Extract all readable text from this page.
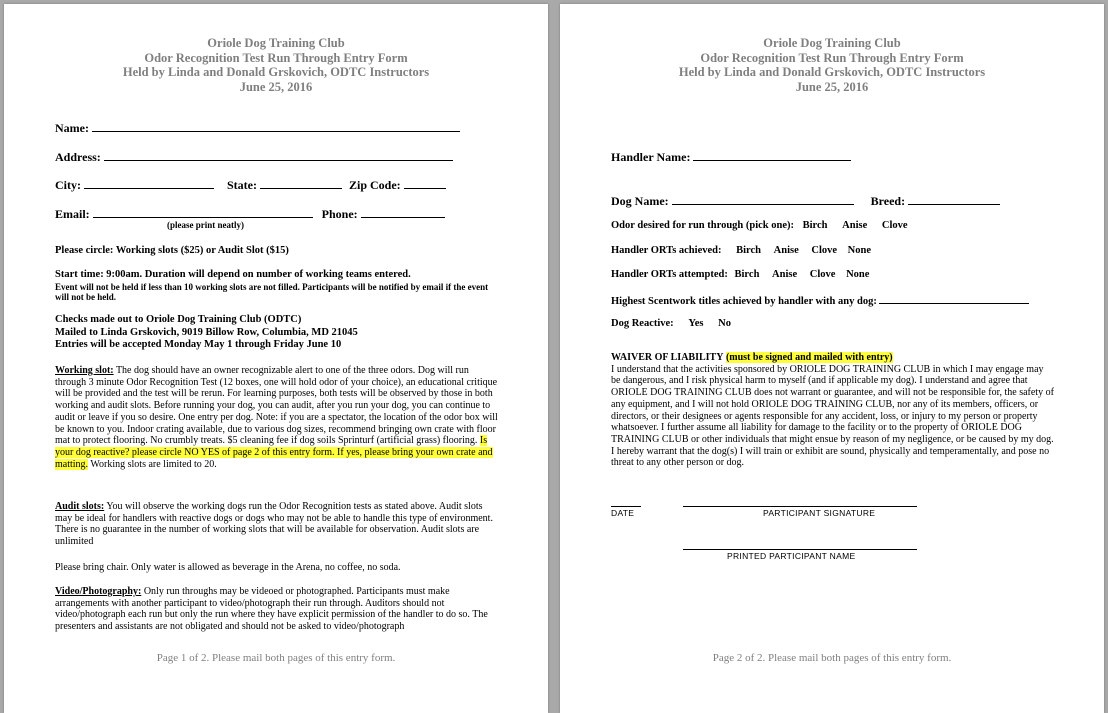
Oriole Dog Training Club
Odor Recognition Test Run Through Entry Form
Held by Linda and Donald Grskovich, ODTC Instructors
June 25, 2016
Name:
Address:
City:	State:	Zip Code:
Email:	Phone:
(please print neatly)
Please circle: Working slots ($25) or Audit Slot ($15)
Start time: 9:00am. Duration will depend on number of working teams entered.
Event will not be held if less than 10 working slots are not filled. Participants will be notified by email if the event
will not be held.
Checks made out to Oriole Dog Training Club (ODTC)
Mailed to Linda Grskovich, 9019 Billow Row, Columbia, MD 21045
Entries will be accepted Monday May 1 through Friday June 10
Working slot: The dog should have an owner recognizable alert to one of the three odors. Dog will run through 3 minute Odor Recognition Test (12 boxes, one will hold odor of your choice), an educational critique will be provided and the test will be rerun. For learning purposes, both tests will be observed by those in both working and audit slots. Before running your dog, you can audit, after you run your dog, you can continue to audit or leave if you so desire. One entry per dog. Note: if you are a spectator, the location of the odor box will be known to you. Indoor crating available, due to various dog sizes, recommend bringing own crate with floor mat to protect flooring. No crumbly treats. $5 cleaning fee if dog soils Sprinturf (artificial grass) flooring. Is your dog reactive? please circle NO YES of page 2 of this entry form. If yes, please bring your own crate and matting. Working slots are limited to 20.
Audit slots: You will observe the working dogs run the Odor Recognition tests as stated above. Audit slots may be ideal for handlers with reactive dogs or dogs who may not be able to handle this type of environment. There is no guarantee in the number of working slots that will be available for observation. Audit slots are unlimited
Please bring chair. Only water is allowed as beverage in the Arena, no coffee, no soda.
Video/Photography: Only run throughs may be videoed or photographed. Participants must make arrangements with another participant to video/photograph their run through. Auditors should not video/photograph each run but only the run where they have explicit permission of the handler to do so. The presenters and assistants are not obligated and should not be asked to video/photograph
Page 1 of 2. Please mail both pages of this entry form.
Oriole Dog Training Club
Odor Recognition Test Run Through Entry Form
Held by Linda and Donald Grskovich, ODTC Instructors
June 25, 2016
Handler Name:
Dog Name:	Breed:
Odor desired for run through (pick one): Birch Anise Clove
Handler ORTs achieved: Birch Anise Clove None
Handler ORTs attempted: Birch Anise Clove None
Highest Scentwork titles achieved by handler with any dog:
Dog Reactive: Yes No
WAIVER OF LIABILITY (must be signed and mailed with entry)
I understand that the activities sponsored by ORIOLE DOG TRAINING CLUB in which I may engage may be dangerous, and I risk physical harm to myself (and if applicable my dog). I understand and agree that ORIOLE DOG TRAINING CLUB does not warrant or guarantee, and will not be responsible for, the safety of any equipment, and I will not hold ORIOLE DOG TRAINING CLUB, nor any of its members, officers, or directors, or their designees or agents responsible for any accident, loss, or injury to my person or property whatsoever. I further assume all liability for damage to the facility or to the property of ORIOLE DOG TRAINING CLUB or other individuals that might ensue by reason of my negligence, or be caused by my dog. I hereby warrant that the dog(s) I will train or exhibit are sound, physically and temperamentally, and pose no threat to any other person or dog.
DATE	PARTICIPANT SIGNATURE
PRINTED PARTICIPANT NAME
Page 2 of 2. Please mail both pages of this entry form.
